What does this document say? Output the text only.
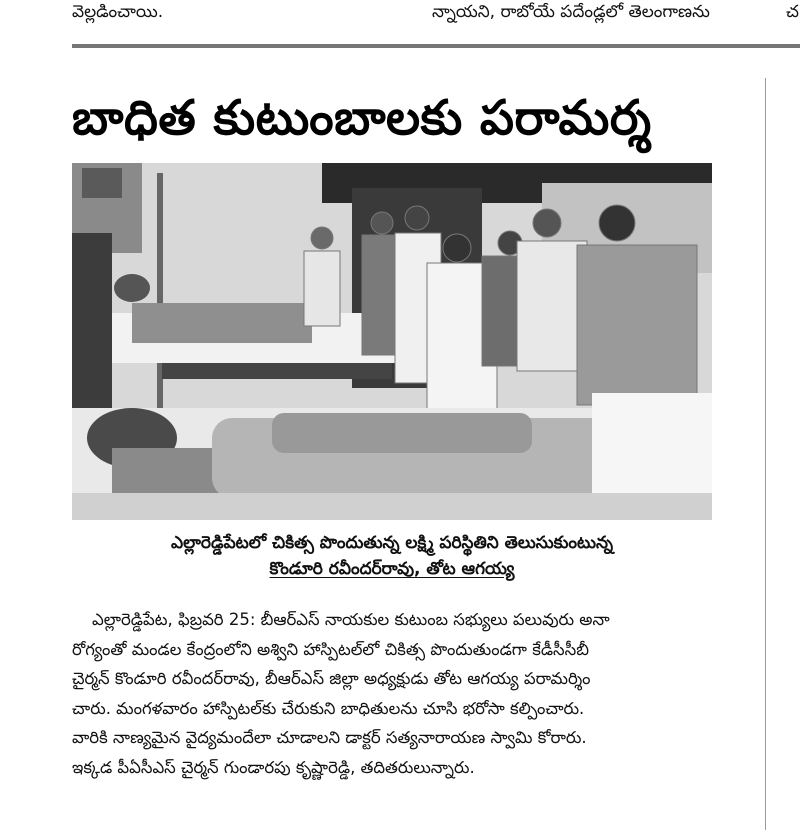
వెల్లడించాయి.	న్నాయని, రాబోయే పదేండ్లలో తెలంగాణను	చ
బాధిత కుటుంబాలకు పరామర్శ
ఎల్లారెడ్డిపేటలో చికిత్స పొందుతున్న లక్ష్మి పరిస్థితిని తెలుసుకుంటున్న
కొండూరి రవీందర్‌రావు, తోట ఆగయ్య
ఎల్లారెడ్డిపేట, ఫిబ్రవరి 25: బీఆర్ఎస్ నాయకుల కుటుంబ సభ్యులు పలువురు అనా
రోగ్యంతో మండల కేంద్రంలోని అశ్విని హాస్పిటల్‌లో చికిత్స పొందుతుండగా కేడీసీసీబీ
చైర్మన్ కొండూరి రవీందర్‌రావు, బీఆర్ఎస్ జిల్లా అధ్యక్షుడు తోట ఆగయ్య పరామర్శిం
చారు. మంగళవారం హాస్పిటల్‌కు చేరుకుని బాధితులను చూసి భరోసా కల్పించారు.
వారికి నాణ్యమైన వైద్యమందేలా చూడాలని డాక్టర్ సత్యనారాయణ స్వామి కోరారు.
ఇక్కడ పీఏసీఎస్ చైర్మన్ గుండారపు కృష్ణారెడ్డి, తదితరులున్నారు.
